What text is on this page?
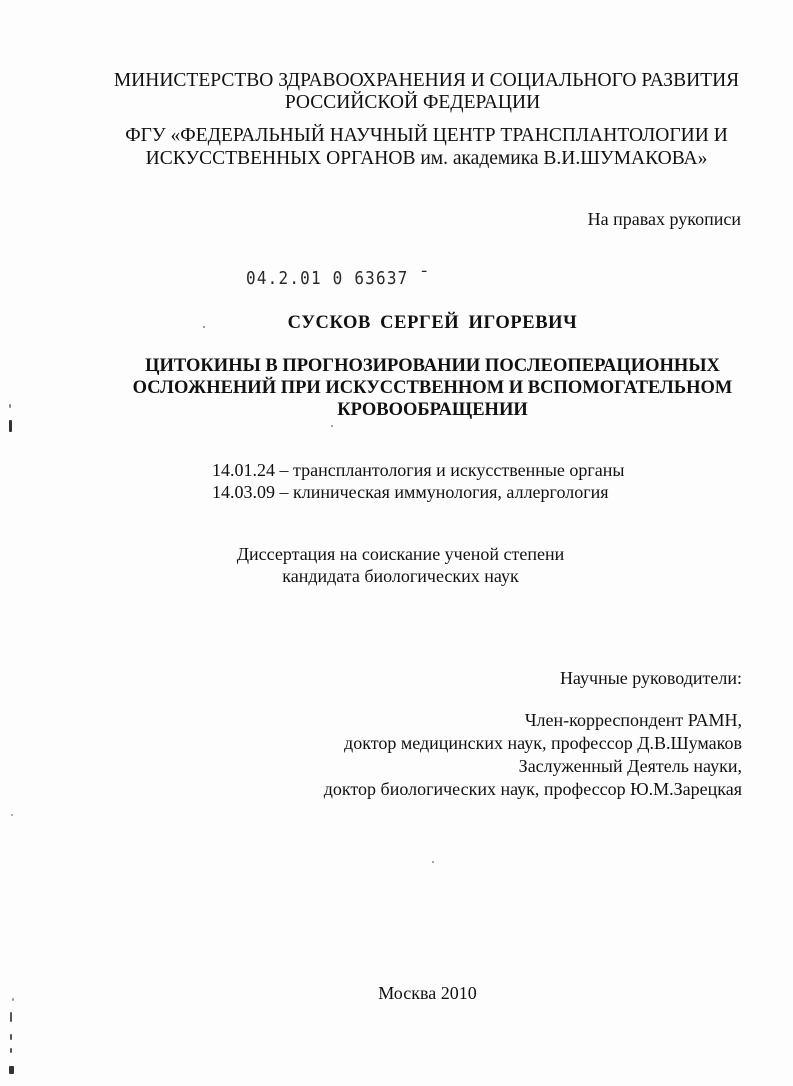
МИНИСТЕРСТВО ЗДРАВООХРАНЕНИЯ И СОЦИАЛЬНОГО РАЗВИТИЯ
РОССИЙСКОЙ ФЕДЕРАЦИИ
ФГУ «ФЕДЕРАЛЬНЫЙ НАУЧНЫЙ ЦЕНТР ТРАНСПЛАНТОЛОГИИ И
ИСКУССТВЕННЫХ ОРГАНОВ им. академика В.И.ШУМАКОВА»

На правах рукописи

04.2.01 0 63637 ˉ

СУСКОВ СЕРГЕЙ ИГОРЕВИЧ

ЦИТОКИНЫ В ПРОГНОЗИРОВАНИИ ПОСЛЕОПЕРАЦИОННЫХ
ОСЛОЖНЕНИЙ ПРИ ИСКУССТВЕННОМ И ВСПОМОГАТЕЛЬНОМ
КРОВООБРАЩЕНИИ
14.01.24 – трансплантология и искусственные органы
14.03.09 – клиническая иммунология, аллергология
Диссертация на соискание ученой степени
кандидата биологических наук
Научные руководители:
Член-корреспондент РАМН,
доктор медицинских наук, профессор Д.В.Шумаков
Заслуженный Деятель науки,
доктор биологических наук, профессор Ю.М.Зарецкая

Москва 2010
